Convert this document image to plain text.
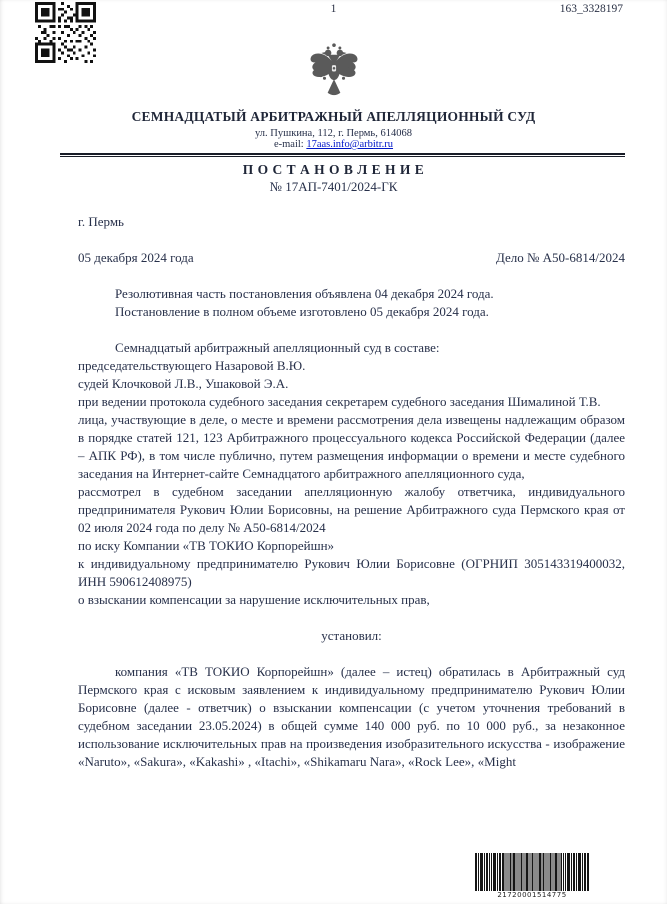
1	163_3328197
СЕМНАДЦАТЫЙ АРБИТРАЖНЫЙ АПЕЛЛЯЦИОННЫЙ СУД
ул. Пушкина, 112, г. Пермь, 614068
e-mail: 17aas.info@arbitr.ru
П О С Т А Н О В Л Е Н И Е
№ 17АП-7401/2024-ГК

г. Пермь

05 декабря 2024 года	Дело № А50-6814/2024

Резолютивная часть постановления объявлена 04 декабря 2024 года.

Постановление в полном объеме изготовлено 05 декабря 2024 года.

Семнадцатый арбитражный апелляционный суд в составе:

председательствующего Назаровой В.Ю.

судей Клочковой Л.В., Ушаковой Э.А.

при ведении протокола судебного заседания секретарем судебного заседания Шималиной Т.В.

лица, участвующие в деле, о месте и времени рассмотрения дела извещены надлежащим образом в порядке статей 121, 123 Арбитражного процессуального кодекса Российской Федерации (далее – АПК РФ), в том числе публично, путем размещения информации о времени и месте судебного заседания на Интернет-сайте Семнадцатого арбитражного апелляционного суда,

рассмотрел в судебном заседании апелляционную жалобу ответчика, индивидуального предпринимателя Рукович Юлии Борисовны, на решение Арбитражного суда Пермского края от 02 июля 2024 года по делу № А50-6814/2024

по иску Компании «ТВ ТОКИО Корпорейшн»

к индивидуальному предпринимателю Рукович Юлии Борисовне (ОГРНИП 305143319400032, ИНН 590612408975)

о взыскании компенсации за нарушение исключительных прав,

установил:

компания «ТВ ТОКИО Корпорейшн» (далее – истец) обратилась в Арбитражный суд Пермского края с исковым заявлением к индивидуальному предпринимателю Рукович Юлии Борисовне (далее - ответчик) о взыскании компенсации (с учетом уточнения требований в судебном заседании 23.05.2024) в общей сумме 140 000 руб. по 10 000 руб., за незаконное использование исключительных прав на произведения изобразительного искусства - изображение «Naruto», «Sakura», «Kakashi» , «Itachi», «Shikamaru Nara», «Rock Lee», «Might

21720001514775
